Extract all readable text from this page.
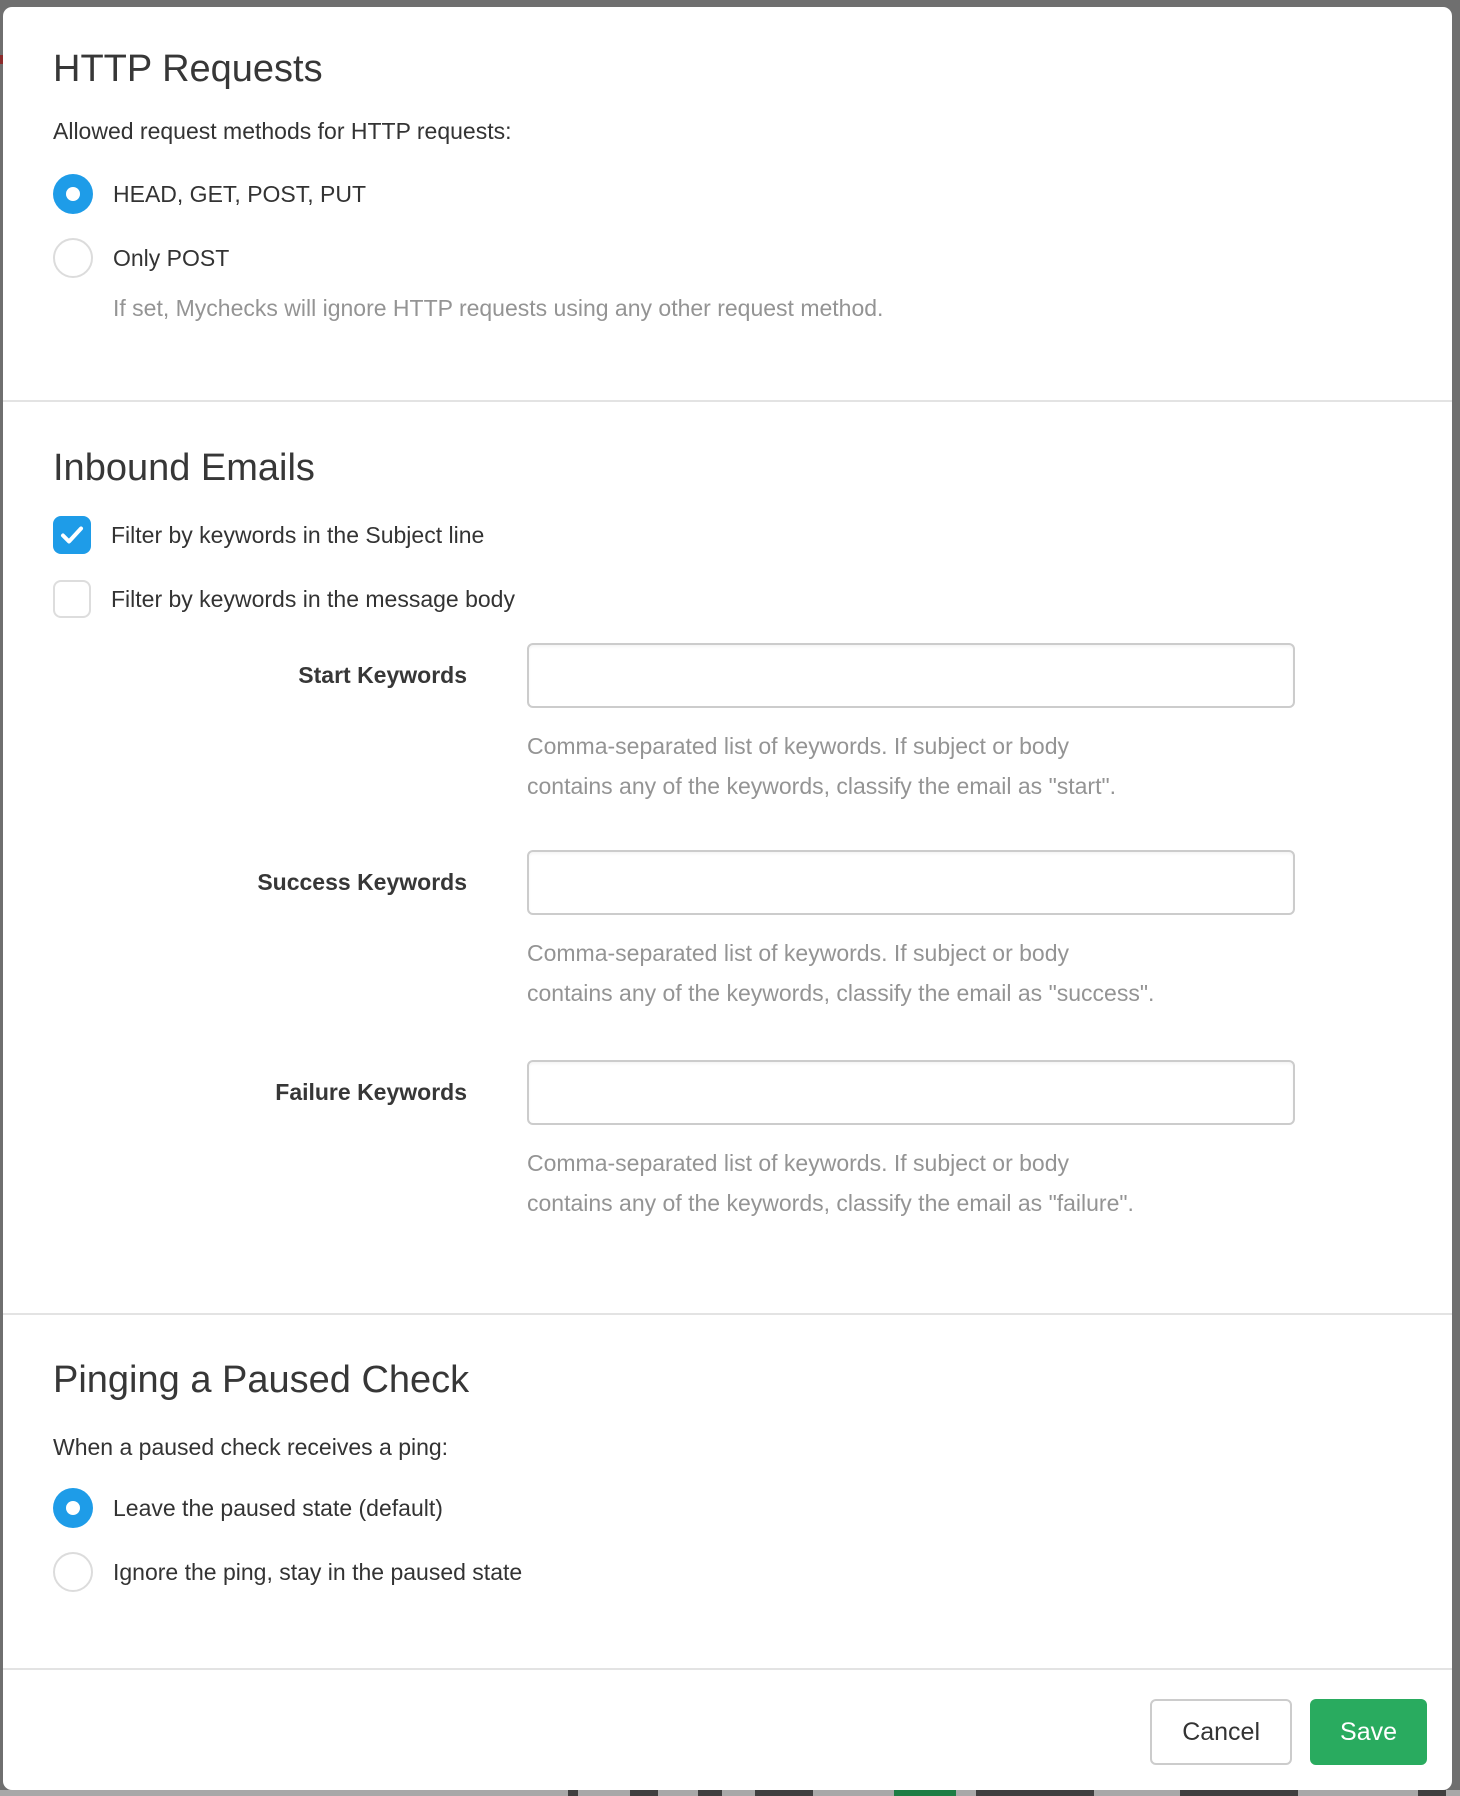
HTTP Requests
Allowed request methods for HTTP requests:
HEAD, GET, POST, PUT
Only POST
If set, Mychecks will ignore HTTP requests using any other request method.
Inbound Emails
Filter by keywords in the Subject line
Filter by keywords in the message body
Start Keywords
Comma-separated list of keywords. If subject or body
contains any of the keywords, classify the email as "start".
Success Keywords
Comma-separated list of keywords. If subject or body
contains any of the keywords, classify the email as "success".
Failure Keywords
Comma-separated list of keywords. If subject or body
contains any of the keywords, classify the email as "failure".
Pinging a Paused Check
When a paused check receives a ping:
Leave the paused state (default)
Ignore the ping, stay in the paused state
Cancel	Save
